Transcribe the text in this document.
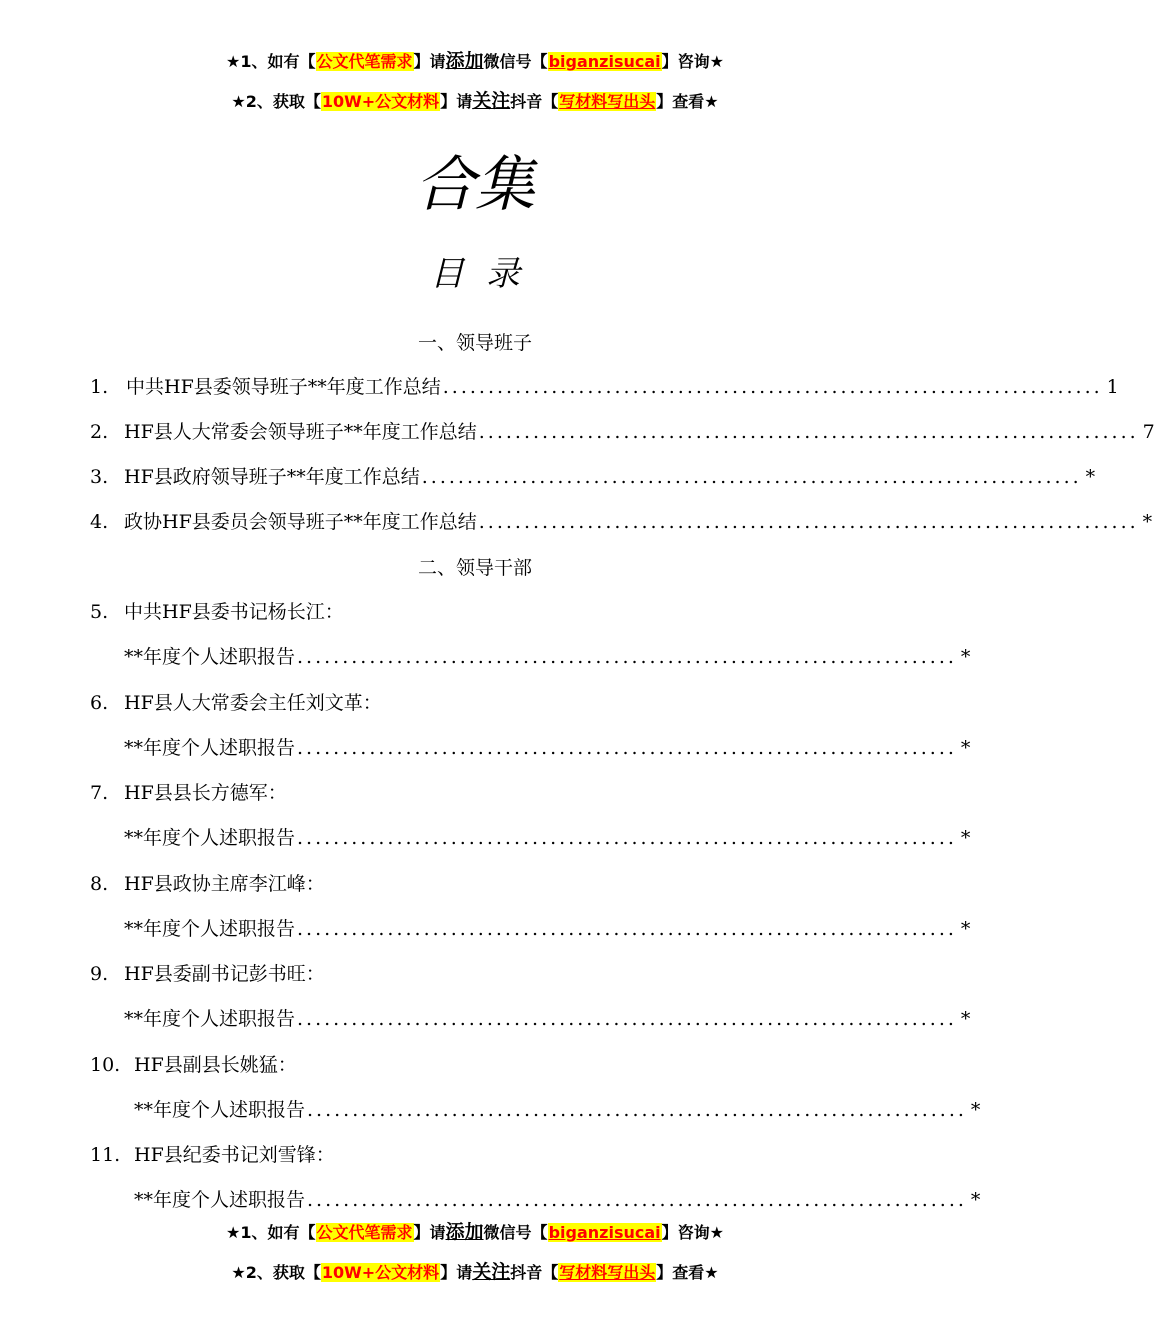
★1、如有【公文代笔需求】请添加微信号【biganzisucai】咨询★
★2、获取【10W+公文材料】请关注抖音【写材料写出头】查看★
合集
目录
一、领导班子
1. 中共HF县委领导班子**年度工作总结 ......................................................................... 1
2. HF县人大常委会领导班子**年度工作总结 ......................................................................... 7
3. HF县政府领导班子**年度工作总结 ......................................................................... *
4. 政协HF县委员会领导班子**年度工作总结 ......................................................................... *
二、领导干部
5. 中共HF县委书记杨长江：
**年度个人述职报告 ......................................................................... *
6. HF县人大常委会主任刘文革：
**年度个人述职报告 ......................................................................... *
7. HF县县长方德军：
**年度个人述职报告 ......................................................................... *
8. HF县政协主席李江峰：
**年度个人述职报告 ......................................................................... *
9. HF县委副书记彭书旺：
**年度个人述职报告 ......................................................................... *
10. HF县副县长姚猛：
**年度个人述职报告 ......................................................................... *
11. HF县纪委书记刘雪锋：
**年度个人述职报告 ......................................................................... *
★1、如有【公文代笔需求】请添加微信号【biganzisucai】咨询★
★2、获取【10W+公文材料】请关注抖音【写材料写出头】查看★
